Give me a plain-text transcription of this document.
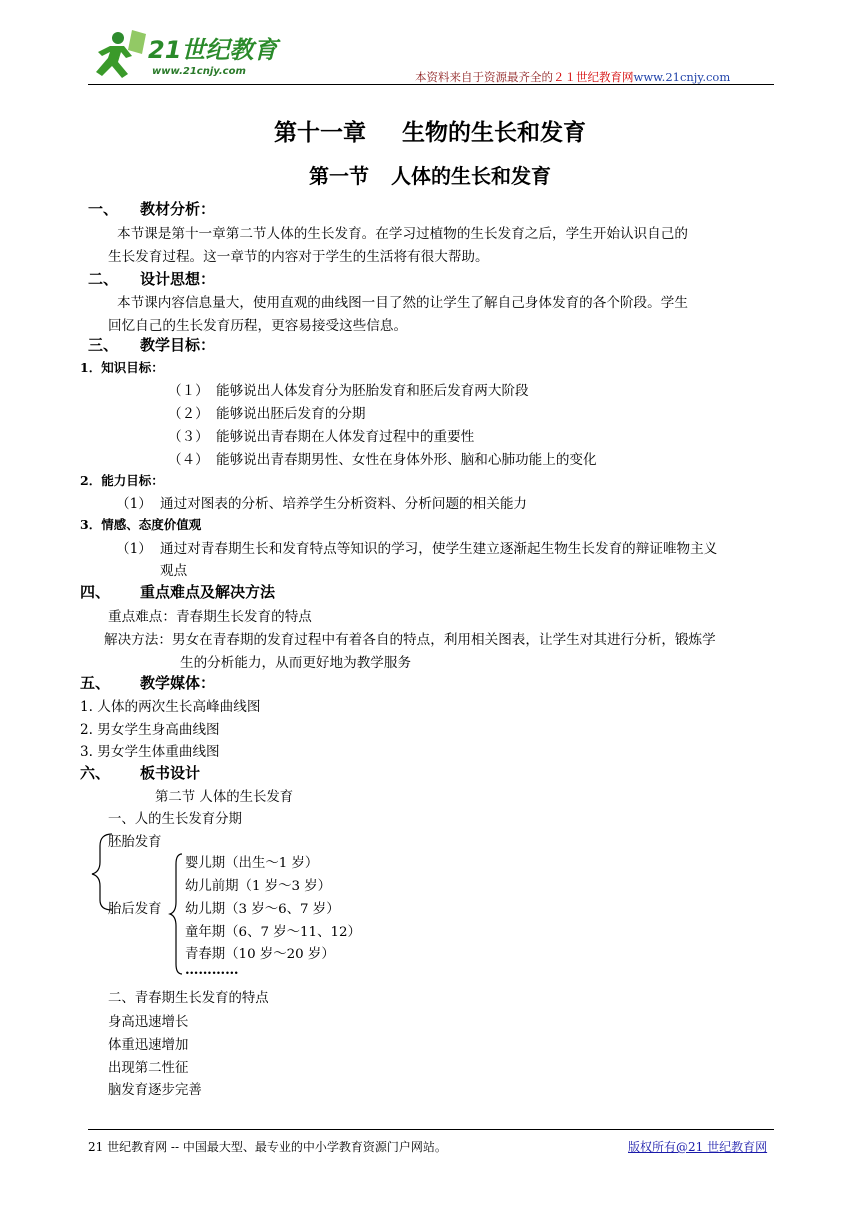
21世纪教育
www.21cnjy.com	本资料来自于资源最齐全的２１世纪教育网www.21cnjy.com
第十一章 生物的生长和发育
第一节 人体的生长和发育
一、 教材分析：
本节课是第十一章第二节人体的生长发育。在学习过植物的生长发育之后，学生开始认识自己的
生长发育过程。这一章节的内容对于学生的生活将有很大帮助。
二、 设计思想：
本节课内容信息量大，使用直观的曲线图一目了然的让学生了解自己身体发育的各个阶段。学生
回忆自己的生长发育历程，更容易接受这些信息。
三、 教学目标：
1．知识目标：
（１） 能够说出人体发育分为胚胎发育和胚后发育两大阶段
（２） 能够说出胚后发育的分期
（３） 能够说出青春期在人体发育过程中的重要性
（４） 能够说出青春期男性、女性在身体外形、脑和心肺功能上的变化
2．能力目标：
（1） 通过对图表的分析、培养学生分析资料、分析问题的相关能力
3．情感、态度价值观
（1） 通过对青春期生长和发育特点等知识的学习，使学生建立逐渐起生物生长发育的辩证唯物主义
观点
四、 重点难点及解决方法
重点难点：青春期生长发育的特点
解决方法：男女在青春期的发育过程中有着各自的特点，利用相关图表，让学生对其进行分析，锻炼学
生的分析能力，从而更好地为教学服务
五、 教学媒体：
1. 人体的两次生长高峰曲线图
2. 男女学生身高曲线图
3. 男女学生体重曲线图
六、 板书设计
第二节 人体的生长发育
一、人的生长发育分期
胚胎发育
胎后发育
婴儿期（出生～1 岁）
幼儿前期（1 岁～3 岁）
幼儿期（3 岁～6、7 岁）
童年期（6、7 岁～11、12）
青春期（10 岁～20 岁）
…………
二、青春期生长发育的特点
身高迅速增长
体重迅速增加
出现第二性征
脑发育逐步完善
21 世纪教育网 -- 中国最大型、最专业的中小学教育资源门户网站。	版权所有@21 世纪教育网
